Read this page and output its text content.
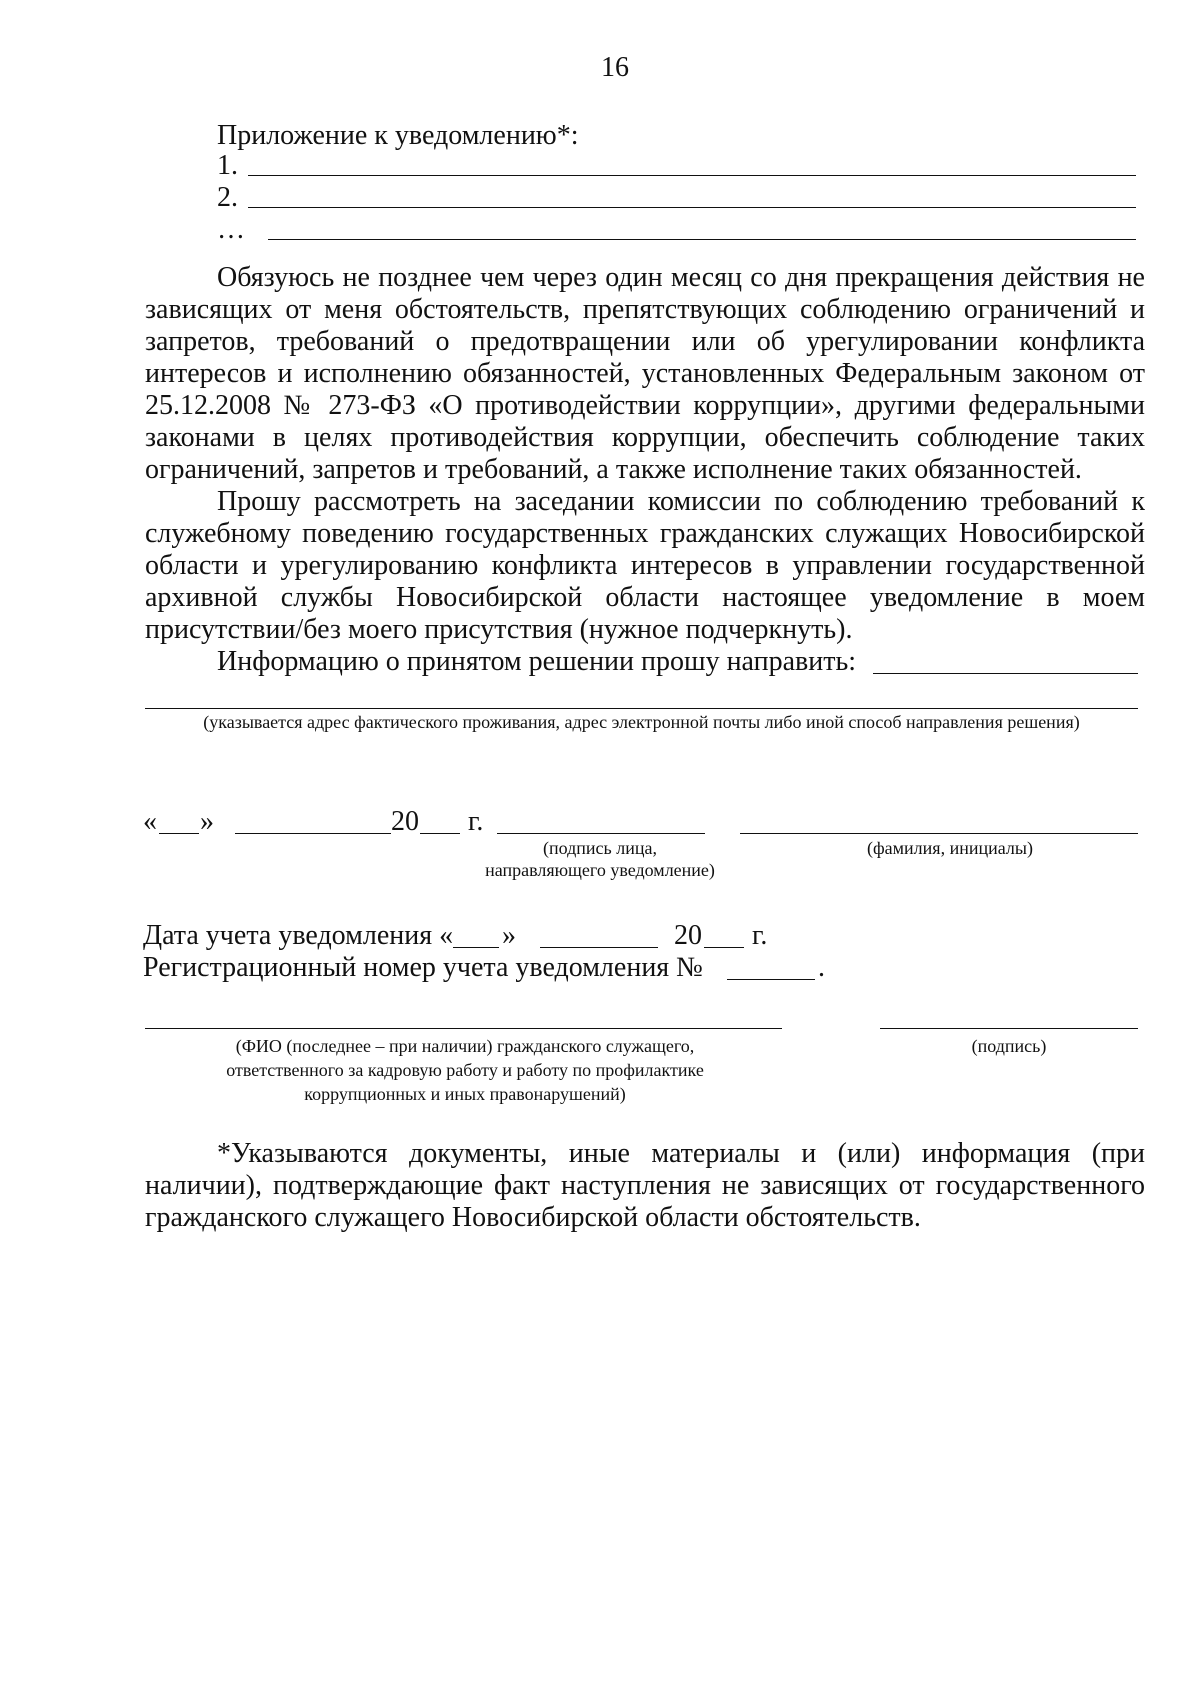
16
Приложение к уведомлению*:
1.
2.
…
Обязуюсь не позднее чем через один месяц со дня прекращения действия не зависящих от меня обстоятельств, препятствующих соблюдению ограничений и запретов, требований о предотвращении или об урегулировании конфликта интересов и исполнению обязанностей, установленных Федеральным законом от 25.12.2008 № 273-ФЗ «О противодействии коррупции», другими федеральными законами в целях противодействия коррупции, обеспечить соблюдение таких ограничений, запретов и требований, а также исполнение таких обязанностей.
Прошу рассмотреть на заседании комиссии по соблюдению требований к служебному поведению государственных гражданских служащих Новосибирской области и урегулированию конфликта интересов в управлении государственной архивной службы Новосибирской области настоящее уведомление в моем присутствии/без моего присутствия (нужное подчеркнуть).
Информацию о принятом решении прошу направить:
(указывается адрес фактического проживания, адрес электронной почты либо иной способ направления решения)
« »	20 г.
(подпись лица,
направляющего уведомление)
(фамилия, инициалы)
Дата учета уведомления « »	20 г.
Регистрационный номер учета уведомления №	.
(ФИО (последнее – при наличии) гражданского служащего,
ответственного за кадровую работу и работу по профилактике
коррупционных и иных правонарушений)
(подпись)
*Указываются документы, иные материалы и (или) информация (при наличии), подтверждающие факт наступления не зависящих от государственного гражданского служащего Новосибирской области обстоятельств.
